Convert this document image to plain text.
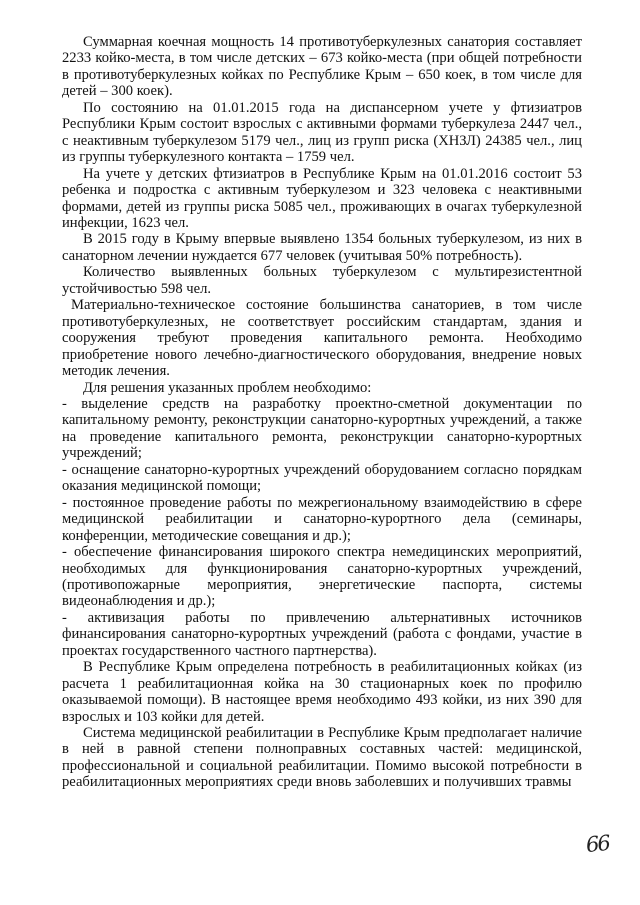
Суммарная коечная мощность 14 противотуберкулезных санатория составляет 2233 койко-места, в том числе детских – 673 койко-места (при общей потребности в противотуберкулезных койках по Республике Крым – 650 коек, в том числе для детей – 300 коек).

По состоянию на 01.01.2015 года на диспансерном учете у фтизиатров Республики Крым состоит взрослых с активными формами туберкулеза 2447 чел., с неактивным туберкулезом 5179 чел., лиц из групп риска (ХНЗЛ) 24385 чел., лиц из группы туберкулезного контакта – 1759 чел.

На учете у детских фтизиатров в Республике Крым на 01.01.2016 состоит 53 ребенка и подростка с активным туберкулезом и 323 человека с неактивными формами, детей из группы риска 5085 чел., проживающих в очагах туберкулезной инфекции, 1623 чел.

В 2015 году в Крыму впервые выявлено 1354 больных туберкулезом, из них в санаторном лечении нуждается 677 человек (учитывая 50% потребность).

Количество выявленных больных туберкулезом с мультирезистентной устойчивостью 598 чел.

Материально-техническое состояние большинства санаториев, в том числе противотуберкулезных, не соответствует российским стандартам, здания и сооружения требуют проведения капитального ремонта. Необходимо приобретение нового лечебно-диагностического оборудования, внедрение новых методик лечения.

Для решения указанных проблем необходимо:

- выделение средств на разработку проектно-сметной документации по капитальному ремонту, реконструкции санаторно-курортных учреждений, а также на проведение капитального ремонта, реконструкции санаторно-курортных учреждений;

- оснащение санаторно-курортных учреждений оборудованием согласно порядкам оказания медицинской помощи;

- постоянное проведение работы по межрегиональному взаимодействию в сфере медицинской реабилитации и санаторно-курортного дела (семинары, конференции, методические совещания и др.);

- обеспечение финансирования широкого спектра немедицинских мероприятий, необходимых для функционирования санаторно-курортных учреждений, (противопожарные мероприятия, энергетические паспорта, системы видеонаблюдения и др.);

- активизация работы по привлечению альтернативных источников финансирования санаторно-курортных учреждений (работа с фондами, участие в проектах государственного частного партнерства).

В Республике Крым определена потребность в реабилитационных койках (из расчета 1 реабилитационная койка на 30 стационарных коек по профилю оказываемой помощи). В настоящее время необходимо 493 койки, из них 390 для взрослых и 103 койки для детей.

Система медицинской реабилитации в Республике Крым предполагает наличие в ней в равной степени полноправных составных частей: медицинской, профессиональной и социальной реабилитации. Помимо высокой потребности в реабилитационных мероприятиях среди вновь заболевших и получивших травмы

66
